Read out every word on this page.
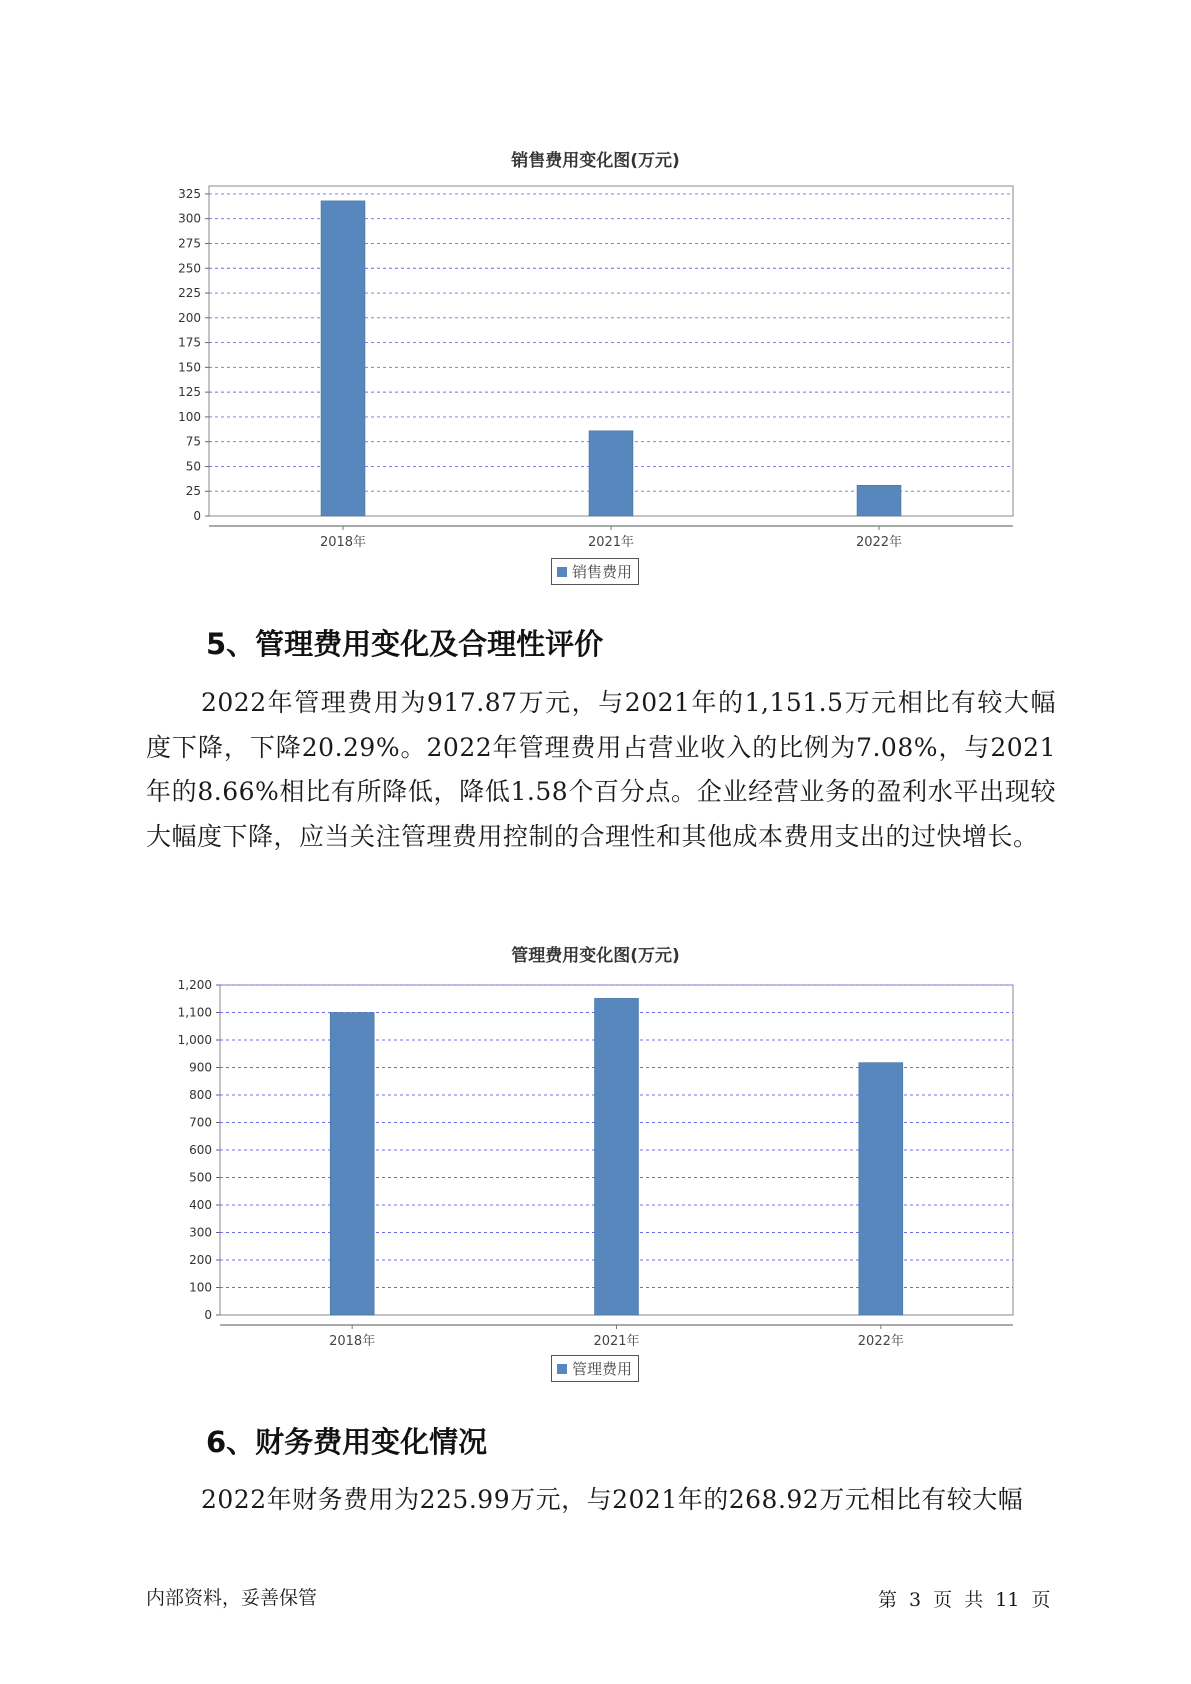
销售费用变化图(万元)
0
25
50
75
100
125
150
175
200
225
250
275
300
325
2018年	2021年	2022年
销售费用
5、管理费用变化及合理性评价
2022年管理费用为917.87万元，与2021年的1,151.5万元相比有较大幅度下降，下降20.29%。2022年管理费用占营业收入的比例为7.08%，与2021年的8.66%相比有所降低，降低1.58个百分点。企业经营业务的盈利水平出现较大幅度下降，应当关注管理费用控制的合理性和其他成本费用支出的过快增长。
管理费用变化图(万元)
0
100
200
300
400
500
600
700
800
900
1,000
1,100
1,200
2018年	2021年	2022年
管理费用
6、财务费用变化情况
2022年财务费用为225.99万元，与2021年的268.92万元相比有较大幅
内部资料，妥善保管	第 3 页 共 11 页
